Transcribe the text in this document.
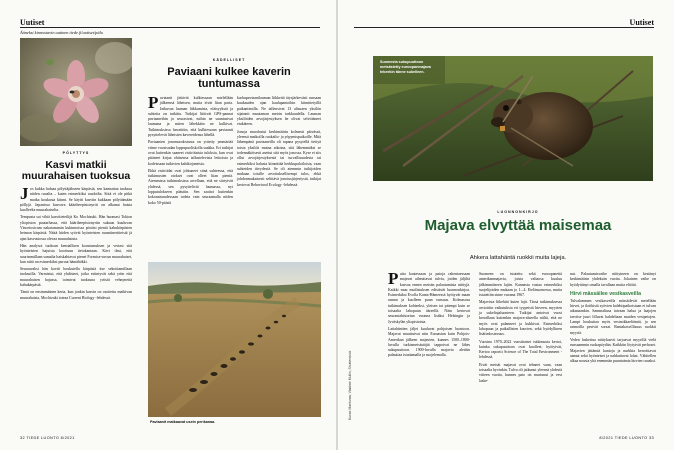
Uutiset
Ääneksi kinnostavin uutinen tiede.fi/uutiset/pälu
PÖLYTTYS
Kasvi matkii muurahaisen tuoksua

Jos kukka haluaa pölyttäjäkseen kärpäsiä, sen kannattaa tuoksua niiden ruoalta – kuten esimerkiksi raadoilta. Siitä ei ole pitkä matka koukusta kiinni. Se käytti kasviin kukkaan pölyttämään pöllyjä. Japanissa kasvava kääriheepistonyrtti on alkanut haista kuolleelta muurahaiselta.

Tempusta sai vihiä kasvitieteilijä Ko Mochizuki. Hän huomasi Tokion yliopiston puutarhassa, että kääriheepistonyrtin sukuun kuuluvan Vincetoxicum nakaianumin kukinnoissa pörräsi pieniä kahukärpästen heimon kärpäsiä. Näitä hiiden syövät hyönteisten ruumiineritteistä jä ajan kasvustossa olevaa muurahaisia.

Hän analysoi tuoksun kemiallisen koostumuksen ja vertasi sitä hyönteisten hajuista koottuun tietokantaan. Kävi ilmi, että suurimmillaan samalta haiskahtavat pienet Formica-suvun muurahaiset, kun niitä on esimerkiksi puruut hämähäkki.

Seuraavaksi hän koetti houkutella kärpäsiä itse sekoittamillaan tuoksuilla. Varmistui, että yhdisteet, jotka esiintyvät sekä yrtin että muurahaisen hajussa, toimivat tuoksuna yrtistä vehnyneitä kahukärpäsiä.

Tämä on ensimmäinen kerta, kun jonkin kasvin on osoitettu matkivan muurahaisia, Mochizuki toteaa Current Biology -lehdessä.

KÄDELLISET
Paviaani kulkee kaverin tuntumassa

Paviaanit jättävät kulkiessaan mielellään jälkeensä läheisen, mutta eivät liian paria. Jatkuvaa lauman liikkumista, etäisyyksiä ja suhteita on tutkittu. Tutkijat liittivät GPS-pannat paviaaneihin ja seurasivat, mihin ne suuntasivat laumana ja miten lähekkäin ne kulkivat. Tutkimuksissa havaittiin, että kulkiessaan paviaanit pysyttelevät läheisten kavereidensa lähellä.

Paviaanien jonomuodostusta on yritetty ymmärtää viime vuosisadan loppupuoliskolla saakka. Eri tutkijat ovat kuitenkin saaneet ristiriitaisia tuloksia, kun ovat pitäneet kirjaa ohitsensa tallustelevista lettioista ja kodeissaan tutkivien kahikirjaneista.

Ehkä ristiriidat ovat johtuneet siinä suhteessa, että tutkimusten otokset ovat olleet liian pieniä. Aiemmissa tutkimuksissa arvellaan, että ne siirtyivät yhdessä, sen pysyttelivät laumassa, nyt lopputulokseen päästiin. Sen saattoi kuitenkin kokonaisuudessaan todeta vain seuraamalla niiden koko 50-päistä

karhupaviaanilauman liikkeitä täysjärkevästi runsaan kuukauden ajan kaulapantoihin kiinnitetyillä paikantimilla. Ne tallensivat 13 alisuaen yksilön sijainnit muutaman metrin tarkkuudella. Lauman yksilöiden arvojärjestyksen he olivat selvittäneet etukäteen.

Jonoja muodostui keskimäärin kolmesti päivässä, yleensä matkoilla ruokailu- ja yöpymispaikoille. Mitä lähempänä paviaaneilla oli tapana pysytellä tiettyä toista yksilöä muina aikoina, sitä lähemmäksi se todennäköisesti asettui sitä myös jonossa. Kyse ei siis ollut arvojärjestyksestä tai turvallisuudesta tai esimerkiksi halusta kiinnittää herkkupaloiloista, vaan suhteiden tiivydestä. Se oli aiemmin tutkijoiden mukaan toisille arvoituksellisempi tulos, ehkä johdonmukaisesti selittävä jonotusjärjestystä, tutkijat kertovat Behavioral Ecology -lehdessä.

Paviaanit matkaavat usein perikanaa.
32 TIEDE LUONTO 8/2021
Uutiset
Suomesta sukupuuttoon metsästetty euroopanmajava tekeekin tänne sukelleen.
Kuvat: Marituma, Vladimir Mullin, Shutterstock
LUONNONKIRJO
Majava elvyttää maisemaa
Ahkera lattahäntä ruokkii muita lajeja.

Puita kaatessaan ja patoja rakentaessaan majavat aiheuttavat tulvia, joiden jäljiltä kasvaa ennen metsän palautumista niittyjä. Kaikki muu muilistuksen edistävät luonnonkirjoa. Esimerkiksi Evolla Kanta-Hämeessä hyötyvät maan rannat ja kuolleen puun runsaus. Kolmasosa tutkimuksen kohteeksi, yleisen tai pitempi kuin se toisaalta lahopuun ääreellä. Näin kertovat seurantahistorian vuonna lisäksi Helsingin ja Jyväskylän yliopistoista.

Lattahäntien jäljet kuuluvat pohjoisen luontoon. Majavat muuttuivat niin Euraasian kuin Pohjois-Amerikan jälkeen majavien, kunnes 1500–1800-luvulla turkismetsästäjät tappoivat ne lähes sukupuuttoon. 1900-luvulla majavia alettiin palauttaa istuttamalla ja suojelemalla.

Suomeen on istutettu sekä euroopanettä amerikanmajavia, joista valtaosa kuuluu jälkimmäiseen lajiin. Kannasta vastaa esimerkiksi suojelijoiden mukaan jo 1.–4. Eteläsuomessa, mutta istutettiin sinne vuonna 1967.

Majavista liikehtiä kuten lajit. Tässä tutkimuksessa arvioitiin vaikutuksia eri tyypeistä hirveen, myyrien ja sukeltajaluonteen. Tutkijat antoivat vuosi kerrallaan kuitenkin majava-alueella niiltä, että ne myös ovat palanneet ja kukkivat. Esimerkiksi lahopuun ja paikallisten kasvien, sekä hyödyllinen lisätiedostavuus.

Vuosina 1970–2022 vuosittaiset tutkimusta kertoi, kuinka sukupuuttoon ovat kuolleet, hyötyivät, Kertoo raportti Science of The Total Environment -lehdessä.

Eivät metsät majavat ovat tehneet vaan, vaan toisaalta hyvinkin. Tulva oli jatkunut yleensä yhdestä viiteen vuotta, kunnes pato on murtunut ja vesi laske-

nut. Palautumisvaihe niittyineen on kestänyt keskimäärin yhdeksän vuotta. Jokainen vaihe on hyödyttänyt omalla tavallaan muita eliöitä.

Hirvi mässäilee vesikasveilla

Tulvalammen vesikasveilla mässäilevät metellään hirvet, ja ilotikistä syövien kalehtipaikoistaan ei tulvan aikanaankin. Sammaliusa taivaan halua ja laajojen tarvitse juuri lilluvat kahdeltaan muiden vesipetojen. Lampi houkuttaa myös vesinokkaeläimiä, ja sen rannoilla pesivät sorsat. Rantakasvillisuus ruokkii myyriä.

Veden laskettua niittykasvit tarjoavat myyrillä vielä runsaammin ruokapöydän. Kaikkiin löytyivät perhoset. Majavien jättämiä kantoja ja nurkkia kerroittavat aamut sekä hyönteiset ja nahkuttavat lohat. Vähitellen alkaa nousta yhä enemmän puuntaimia hirvien ruoaksi.

8/2021 TIEDE LUONTO 33
